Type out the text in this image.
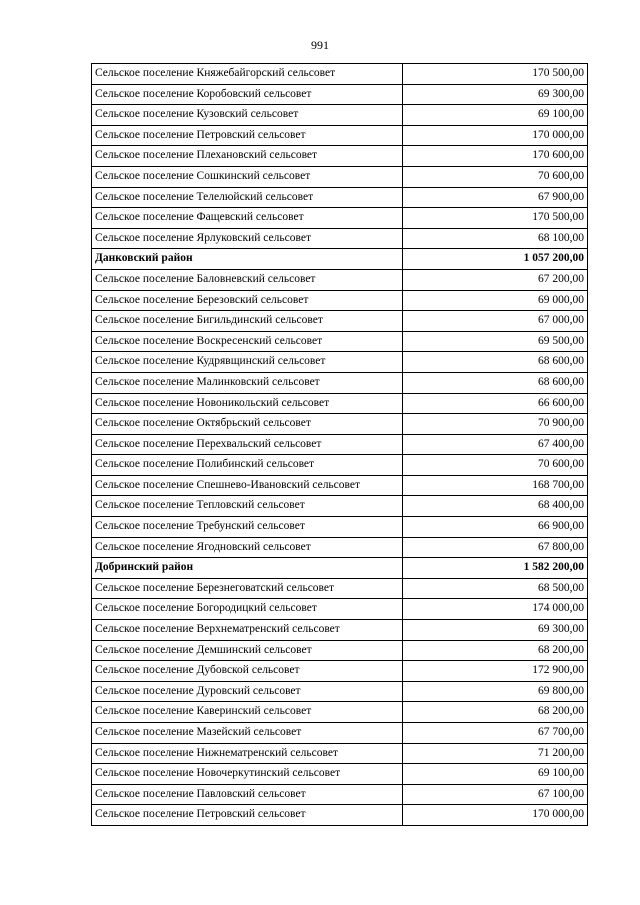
991
Сельское поселение Княжебайгорский сельсовет	170 500,00
Сельское поселение Коробовский сельсовет	69 300,00
Сельское поселение Кузовский сельсовет	69 100,00
Сельское поселение Петровский сельсовет	170 000,00
Сельское поселение Плехановский сельсовет	170 600,00
Сельское поселение Сошкинский сельсовет	70 600,00
Сельское поселение Телелюйский сельсовет	67 900,00
Сельское поселение Фащевский сельсовет	170 500,00
Сельское поселение Ярлуковский сельсовет	68 100,00
Данковский район	1 057 200,00
Сельское поселение Баловневский сельсовет	67 200,00
Сельское поселение Березовский сельсовет	69 000,00
Сельское поселение Бигильдинский сельсовет	67 000,00
Сельское поселение Воскресенский сельсовет	69 500,00
Сельское поселение Кудрявщинский сельсовет	68 600,00
Сельское поселение Малинковский сельсовет	68 600,00
Сельское поселение Новоникольский сельсовет	66 600,00
Сельское поселение Октябрьский сельсовет	70 900,00
Сельское поселение Перехвальский сельсовет	67 400,00
Сельское поселение Полибинский сельсовет	70 600,00
Сельское поселение Спешнево-Ивановский сельсовет	168 700,00
Сельское поселение Тепловский сельсовет	68 400,00
Сельское поселение Требунский сельсовет	66 900,00
Сельское поселение Ягодновский сельсовет	67 800,00
Добринский район	1 582 200,00
Сельское поселение Березнеговатский сельсовет	68 500,00
Сельское поселение Богородицкий сельсовет	174 000,00
Сельское поселение Верхнематренский сельсовет	69 300,00
Сельское поселение Демшинский сельсовет	68 200,00
Сельское поселение Дубовской сельсовет	172 900,00
Сельское поселение Дуровский сельсовет	69 800,00
Сельское поселение Каверинский сельсовет	68 200,00
Сельское поселение Мазейский сельсовет	67 700,00
Сельское поселение Нижнематренский сельсовет	71 200,00
Сельское поселение Новочеркутинский сельсовет	69 100,00
Сельское поселение Павловский сельсовет	67 100,00
Сельское поселение Петровский сельсовет	170 000,00
